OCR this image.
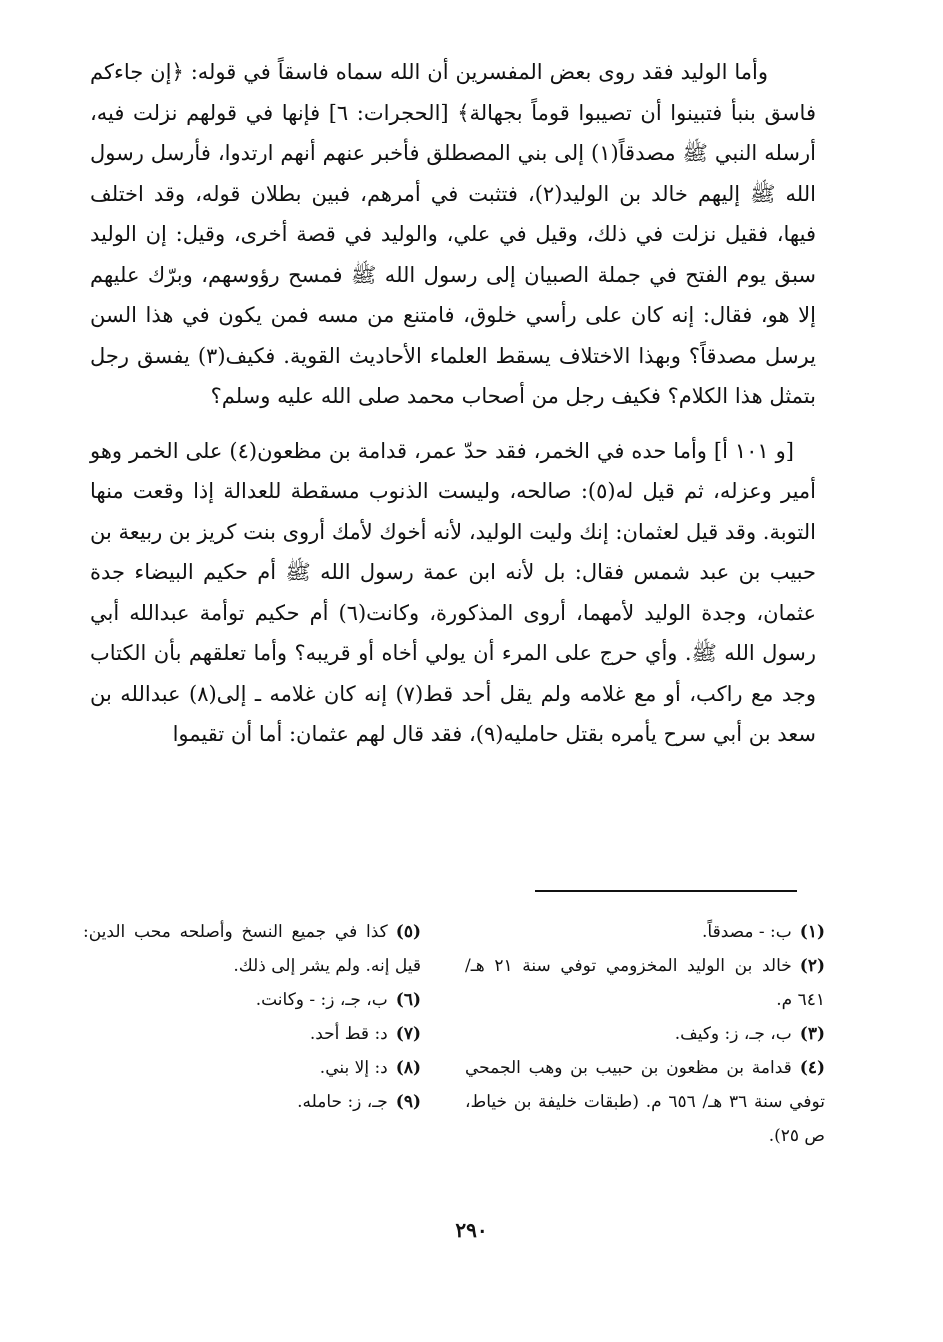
وأما الوليد فقد روى بعض المفسرين أن الله سماه فاسقاً في قوله: ﴿إن جاءكم فاسق بنبأ فتبينوا أن تصيبوا قوماً بجهالة﴾ [الحجرات: ٦] فإنها في قولهم نزلت فيه، أرسله النبي ﷺ مصدقاً(١) إلى بني المصطلق فأخبر عنهم أنهم ارتدوا، فأرسل رسول الله ﷺ إليهم خالد بن الوليد(٢)، فتثبت في أمرهم، فبين بطلان قوله، وقد اختلف فيها، فقيل نزلت في ذلك، وقيل في علي، والوليد في قصة أخرى، وقيل: إن الوليد سبق يوم الفتح في جملة الصبيان إلى رسول الله ﷺ فمسح رؤوسهم، وبرّك عليهم إلا هو، فقال: إنه كان على رأسي خلوق، فامتنع من مسه فمن يكون في هذا السن يرسل مصدقاً؟ وبهذا الاختلاف يسقط العلماء الأحاديث القوية. فكيف(٣) يفسق رجل بتمثل هذا الكلام؟ فكيف رجل من أصحاب محمد صلى الله عليه وسلم؟

[و ١٠١ أ] وأما حده في الخمر، فقد حدّ عمر، قدامة بن مظعون(٤) على الخمر وهو أمير وعزله، ثم قيل له(٥): صالحه، وليست الذنوب مسقطة للعدالة إذا وقعت منها التوبة. وقد قيل لعثمان: إنك وليت الوليد، لأنه أخوك لأمك أروى بنت كريز بن ربيعة بن حبيب بن عبد شمس فقال: بل لأنه ابن عمة رسول الله ﷺ أم حكيم البيضاء جدة عثمان، وجدة الوليد لأمهما، أروى المذكورة، وكانت(٦) أم حكيم توأمة عبدالله أبي رسول الله ﷺ. وأي حرج على المرء أن يولي أخاه أو قريبه؟ وأما تعلقهم بأن الكتاب وجد مع راكب، أو مع غلامه ولم يقل أحد قط(٧) إنه كان غلامه ـ إلى(٨) عبدالله بن سعد بن أبي سرح يأمره بقتل حامليه(٩)، فقد قال لهم عثمان: أما أن تقيموا

(١)ب: - مصدقاً.

(٢)خالد بن الوليد المخزومي توفي سنة ٢١ هـ/ ٦٤١ م.

(٣)ب، جـ، ز: وكيف.

(٤)قدامة بن مظعون بن حبيب بن وهب الجمحي توفي سنة ٣٦ هـ/ ٦٥٦ م. (طبقات خليفة بن خياط، ص ٢٥).

(٥)كذا في جميع النسخ وأصلحه محب الدين: قيل إنه. ولم يشر إلى ذلك.

(٦)ب، جـ، ز: - وكانت.

(٧)د: قط أحد.

(٨)د: إلا بني.

(٩)جـ، ز: حامله.

٢٩٠
